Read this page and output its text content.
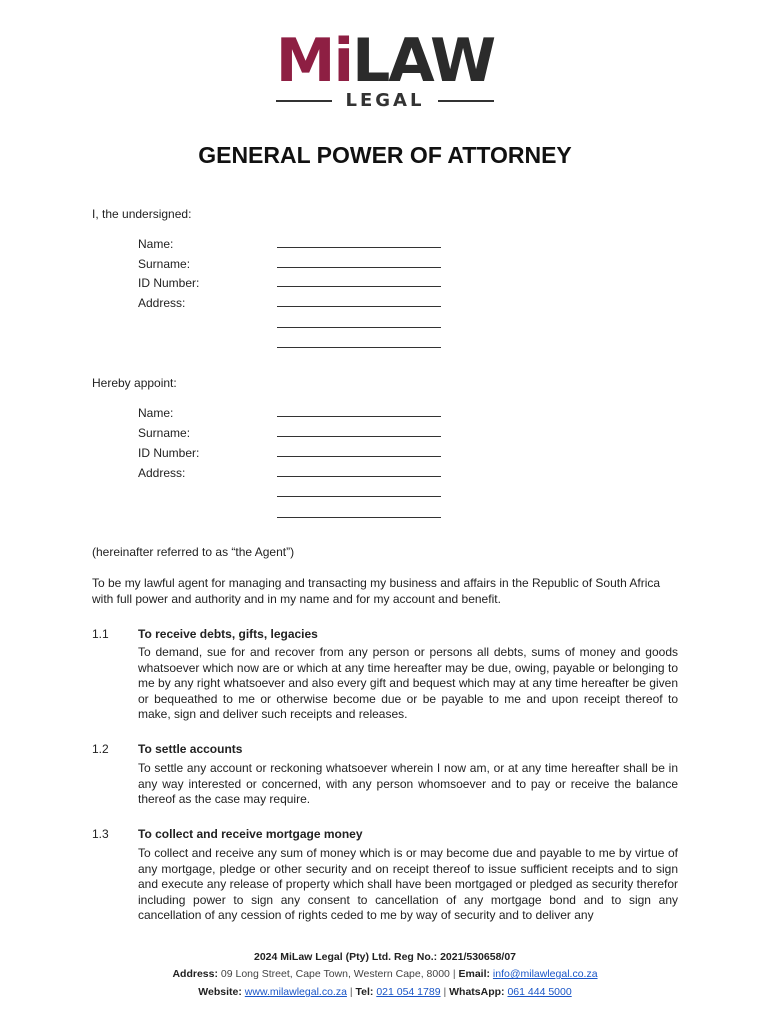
MiLAW
LEGAL
GENERAL POWER OF ATTORNEY
I, the undersigned:
Name:
Surname:
ID Number:
Address:
Hereby appoint:
Name:
Surname:
ID Number:
Address:
(hereinafter referred to as “the Agent”)
To be my lawful agent for managing and transacting my business and affairs in the Republic of South Africa with full power and authority and in my name and for my account and benefit.
1.1 To receive debts, gifts, legacies
To demand, sue for and recover from any person or persons all debts, sums of money and goods whatsoever which now are or which at any time hereafter may be due, owing, payable or belonging to me by any right whatsoever and also every gift and bequest which may at any time hereafter be given or bequeathed to me or otherwise become due or be payable to me and upon receipt thereof to make, sign and deliver such receipts and releases.
1.2 To settle accounts
To settle any account or reckoning whatsoever wherein I now am, or at any time hereafter shall be in any way interested or concerned, with any person whomsoever and to pay or receive the balance thereof as the case may require.
1.3 To collect and receive mortgage money
To collect and receive any sum of money which is or may become due and payable to me by virtue of any mortgage, pledge or other security and on receipt thereof to issue sufficient receipts and to sign and execute any release of property which shall have been mortgaged or pledged as security therefor including power to sign any consent to cancellation of any mortgage bond and to sign any cancellation of any cession of rights ceded to me by way of security and to deliver any
2024 MiLaw Legal (Pty) Ltd. Reg No.: 2021/530658/07
Address: 09 Long Street, Cape Town, Western Cape, 8000 | Email: info@milawlegal.co.za
Website: www.milawlegal.co.za | Tel: 021 054 1789 | WhatsApp: 061 444 5000
